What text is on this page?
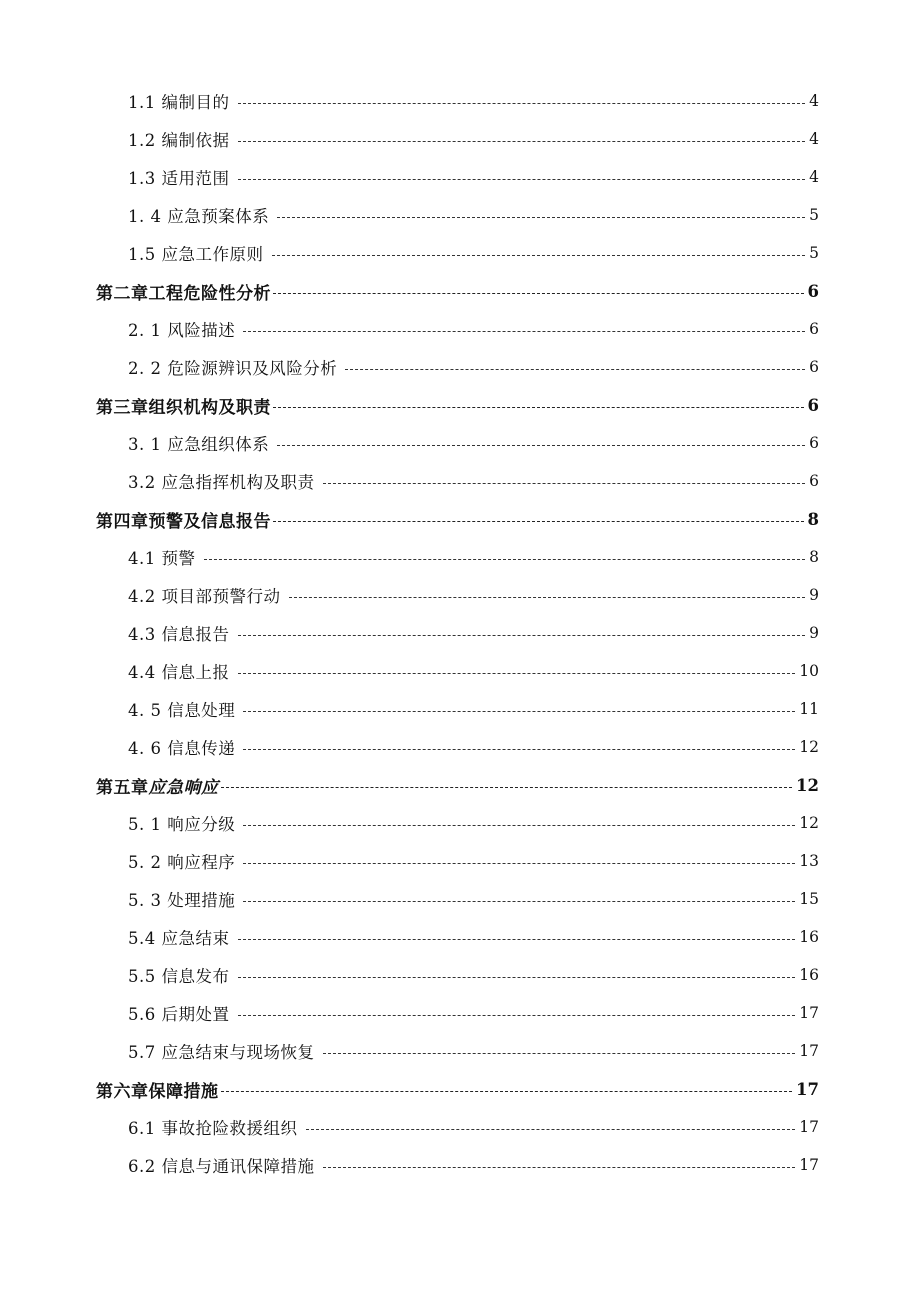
1.1 编制目的	4
1.2 编制依据	4
1.3 适用范围	4
1. 4 应急预案体系	5
1.5 应急工作原则	5
第二章工程危险性分析	6
2. 1 风险描述	6
2. 2 危险源辨识及风险分析	6
第三章组织机构及职责	6
3. 1 应急组织体系	6
3.2 应急指挥机构及职责	6
第四章预警及信息报告	8
4.1 预警	8
4.2 项目部预警行动	9
4.3 信息报告	9
4.4 信息上报	10
4. 5 信息处理	11
4. 6 信息传递	12
第五章应急响应	12
5. 1 响应分级	12
5. 2 响应程序	13
5. 3 处理措施	15
5.4 应急结束	16
5.5 信息发布	16
5.6 后期处置	17
5.7 应急结束与现场恢复	17
第六章保障措施	17
6.1 事故抢险救援组织	17
6.2 信息与通讯保障措施	17
